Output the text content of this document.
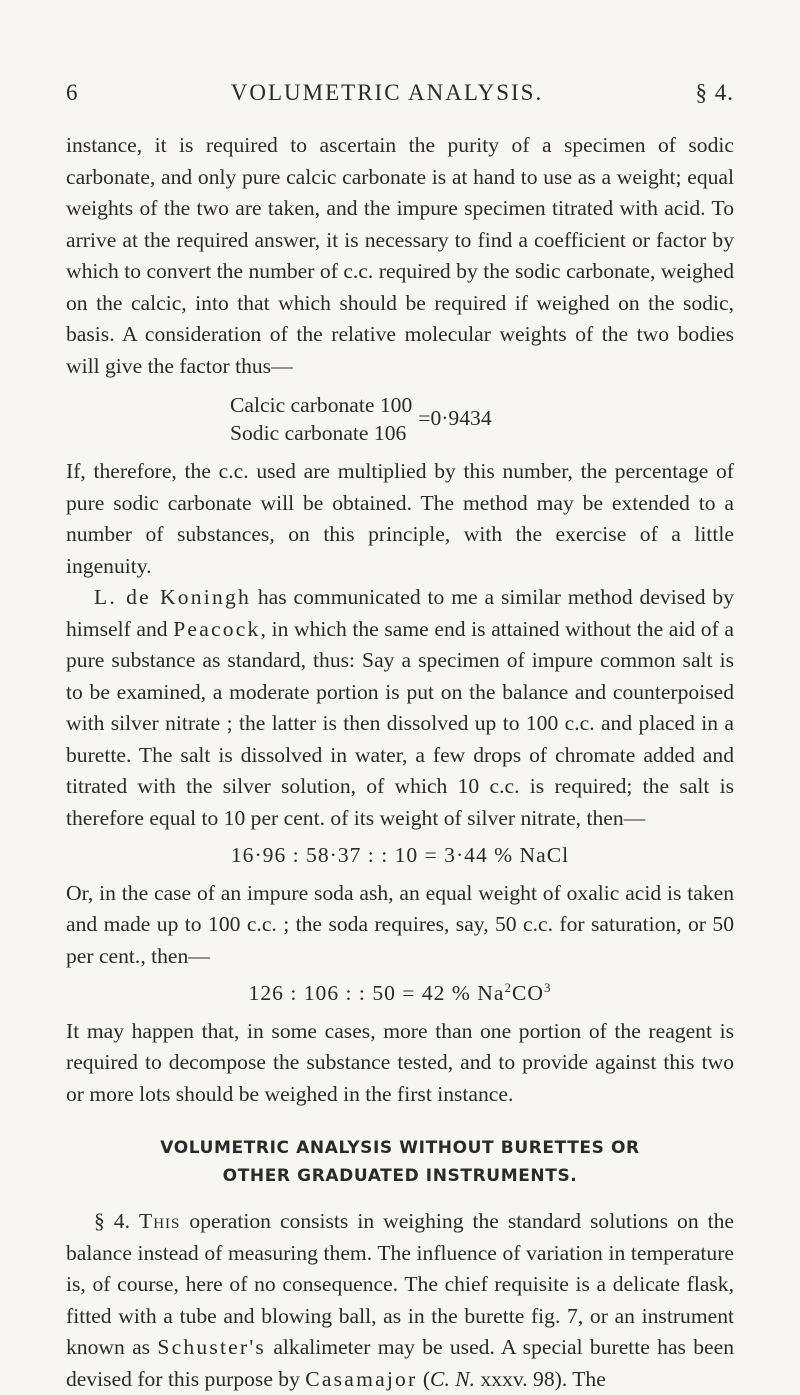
6	VOLUMETRIC ANALYSIS.	§ 4.

instance, it is required to ascertain the purity of a specimen of sodic carbonate, and only pure calcic carbonate is at hand to use as a weight; equal weights of the two are taken, and the impure specimen titrated with acid. To arrive at the required answer, it is necessary to find a coefficient or factor by which to convert the number of c.c. required by the sodic carbonate, weighed on the calcic, into that which should be required if weighed on the sodic, basis. A consideration of the relative molecular weights of the two bodies will give the factor thus—

Calcic carbonate 100
Sodic carbonate 106
=0·9434

If, therefore, the c.c. used are multiplied by this number, the percentage of pure sodic carbonate will be obtained. The method may be extended to a number of substances, on this principle, with the exercise of a little ingenuity.

L. de Koningh has communicated to me a similar method devised by himself and Peacock, in which the same end is attained without the aid of a pure substance as standard, thus: Say a specimen of impure common salt is to be examined, a moderate portion is put on the balance and counterpoised with silver nitrate ; the latter is then dissolved up to 100 c.c. and placed in a burette. The salt is dissolved in water, a few drops of chromate added and titrated with the silver solution, of which 10 c.c. is required; the salt is therefore equal to 10 per cent. of its weight of silver nitrate, then—

16·96 : 58·37 : : 10 = 3·44 % NaCl

Or, in the case of an impure soda ash, an equal weight of oxalic acid is taken and made up to 100 c.c. ; the soda requires, say, 50 c.c. for saturation, or 50 per cent., then—

126 : 106 : : 50 = 42 % $Na^2CO^3$

It may happen that, in some cases, more than one portion of the reagent is required to decompose the substance tested, and to provide against this two or more lots should be weighed in the first instance.

VOLUMETRIC ANALYSIS WITHOUT BURETTES OR
OTHER GRADUATED INSTRUMENTS.

§ 4. This operation consists in weighing the standard solutions on the balance instead of measuring them. The influence of variation in temperature is, of course, here of no consequence. The chief requisite is a delicate flask, fitted with a tube and blowing ball, as in the burette fig. 7, or an instrument known as Schuster's alkalimeter may be used. A special burette has been devised for this purpose by Casamajor (C. N. xxxv. 98). The
